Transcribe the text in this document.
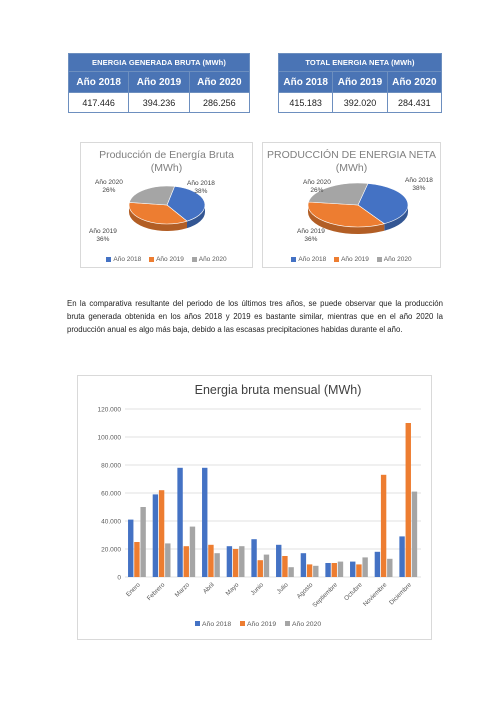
ENERGIA GENERADA BRUTA (MWh)		
Año 2018	Año 2019	Año 2020
417.446	394.236	286.256
TOTAL ENERGIA NETA (MWh)		
Año 2018	Año 2019	Año 2020
415.183	392.020	284.431
Producción de Energía Bruta
(MWh)
Año 2020
26%
Año 2018
38%
Año 2019
36%
Año 2018 Año 2019 Año 2020
PRODUCCIÓN DE ENERGIA NETA
(MWh)
Año 2020
26%
Año 2018
38%
Año 2019
36%
Año 2018 Año 2019 Año 2020

En la comparativa resultante del periodo de los últimos tres años, se puede observar que la producción bruta generada obtenida en los años 2018 y 2019 es bastante similar, mientras que en el año 2020 la producción anual es algo más baja, debido a las escasas precipitaciones habidas durante el año.

Energia bruta mensual (MWh)
0
20.000
40.000
60.000
80.000
100.000
120.000
Enero Febrero Marzo Abril Mayo Junio Julio Agosto
Septiembre Octubre
Noviembre Diciembre
Año 2018 Año 2019 Año 2020
